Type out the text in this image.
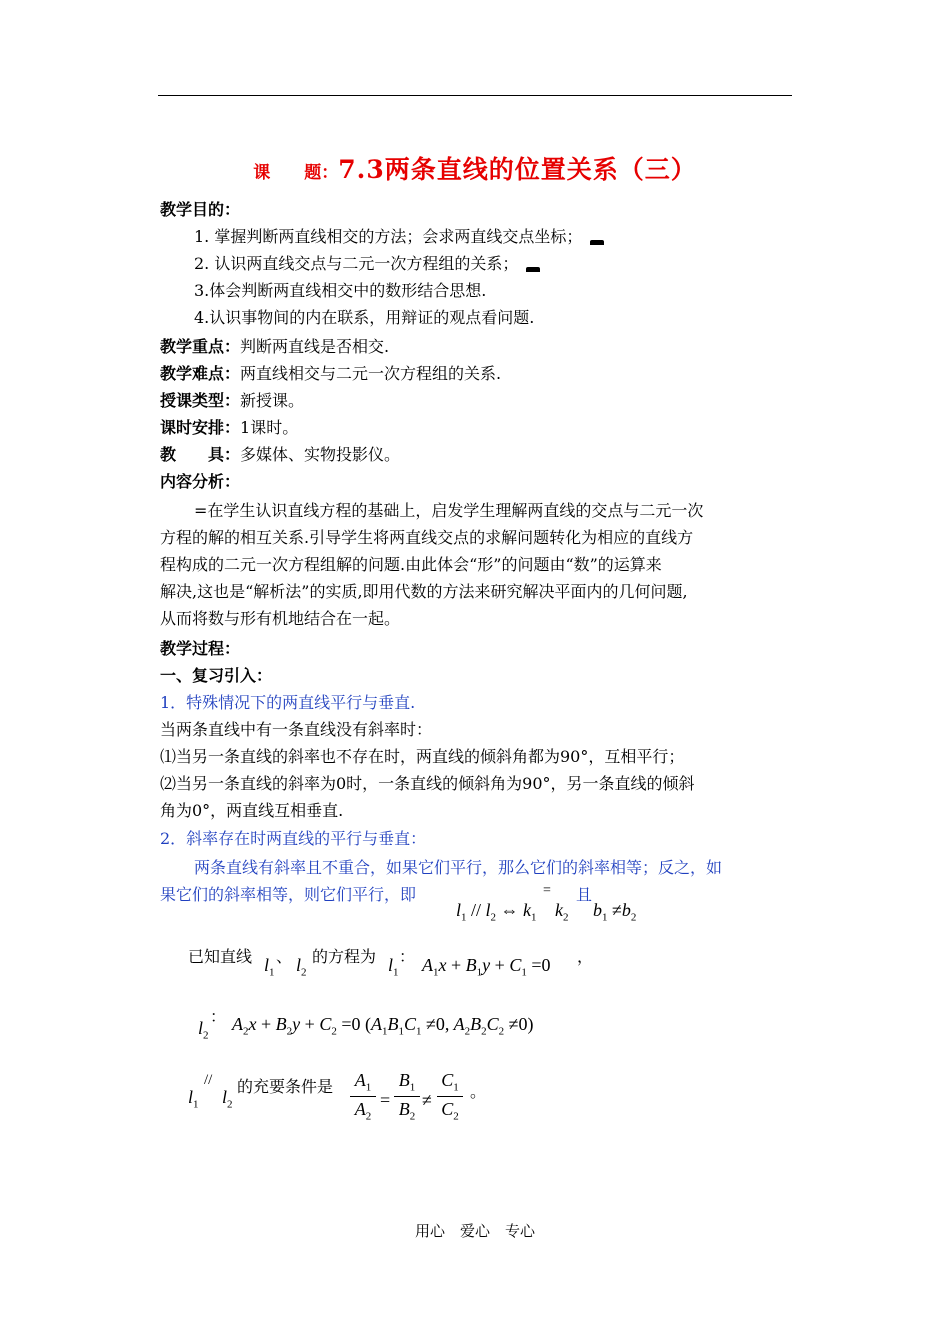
课　　题：7.3两条直线的位置关系（三）
教学目的：
1. 掌握判断两直线相交的方法；会求两直线交点坐标；
2. 认识两直线交点与二元一次方程组的关系；
3.体会判断两直线相交中的数形结合思想.
4.认识事物间的内在联系，用辩证的观点看问题.
教学重点：判断两直线是否相交.
教学难点：两直线相交与二元一次方程组的关系.
授课类型：新授课。
课时安排：1课时。
教　　具：多媒体、实物投影仪。
内容分析：
=在学生认识直线方程的基础上，启发学生理解两直线的交点与二元一次
方程的解的相互关系.引导学生将两直线交点的求解问题转化为相应的直线方
程构成的二元一次方程组解的问题.由此体会“形”的问题由“数”的运算来
解决,这也是“解析法”的实质,即用代数的方法来研究解决平面内的几何问题,
从而将数与形有机地结合在一起。
教学过程：
一、复习引入：
1．特殊情况下的两直线平行与垂直.
当两条直线中有一条直线没有斜率时：
⑴当另一条直线的斜率也不存在时，两直线的倾斜角都为90°，互相平行；
⑵当另一条直线的斜率为0时，一条直线的倾斜角为90°，另一条直线的倾斜
角为0°，两直线互相垂直.
2．斜率存在时两直线的平行与垂直：
两条直线有斜率且不重合，如果它们平行，那么它们的斜率相等；反之，如
果它们的斜率相等，则它们平行，即
$l_1 // l_2$ ⇔ $k_1$
=
$k_2$
且
$b_1 \ne b_2$
已知直线 $l_1$
、 $l_2$
的方程为 $l_1$
： $A_1x + B_1y + C_1 =0$ ，
$l_2$
： $A_2x + B_2y + C_2 =0$ ($A_1B_1C_1 \ne 0$, $A_2B_2C_2 \ne 0$)
$l_1$
//
$l_2$
的充要条件是 $A_1$
$A_2$
=
$B_1$
$B_2$
≠
$C_1$
$C_2$
。
用心　爱心　专心
